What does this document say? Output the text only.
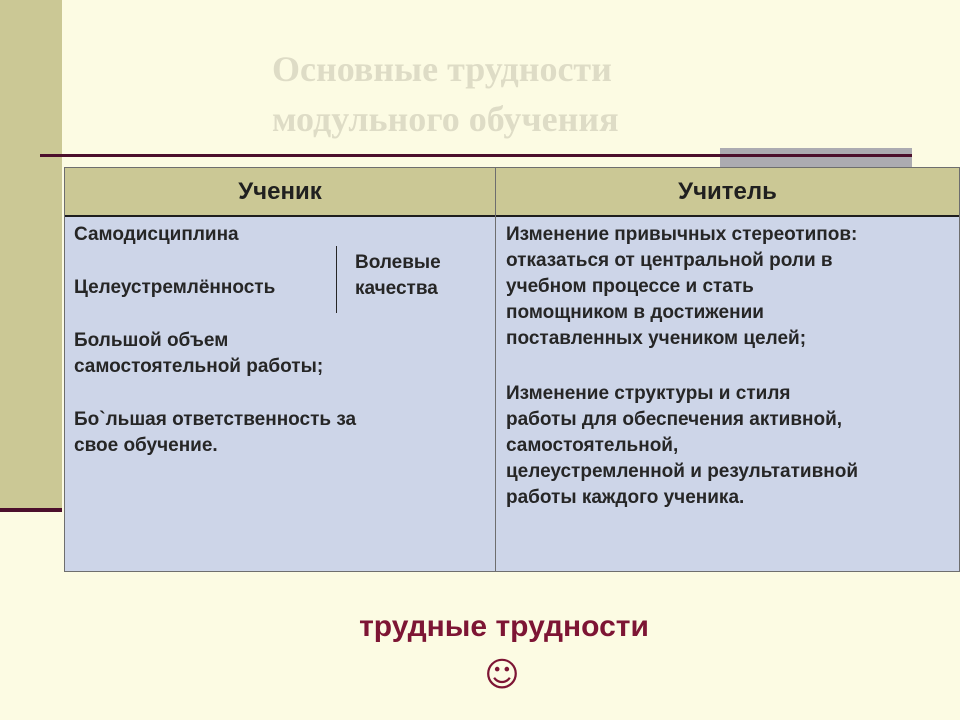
Основные трудности
модульного обучения
Ученик	Учитель
Самодисциплина
Целеустремлённость
Волевые
качества
Большой объем
самостоятельной работы;
Бо`льшая ответственность за
свое обучение.
Изменение привычных стереотипов:
отказаться от центральной роли в
учебном процессе и стать
помощником в достижении
поставленных учеником целей;
Изменение структуры и стиля
работы для обеспечения активной,
самостоятельной,
целеустремленной и результативной
работы каждого ученика.
трудные трудности
☺
